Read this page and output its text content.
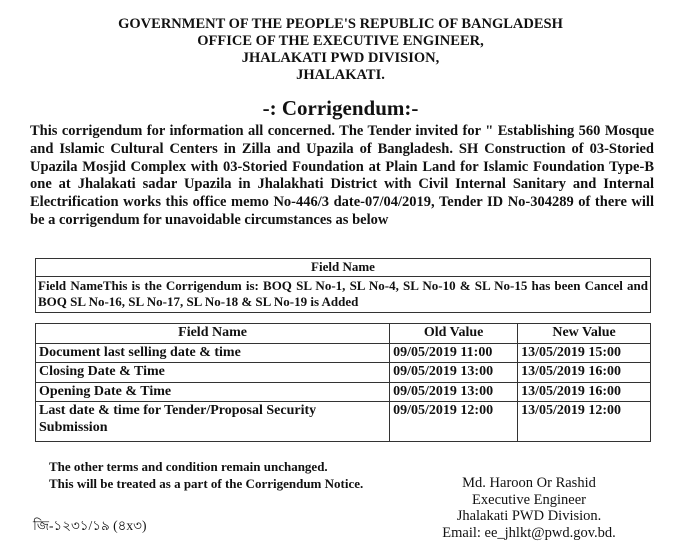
GOVERNMENT OF THE PEOPLE'S REPUBLIC OF BANGLADESH
OFFICE OF THE EXECUTIVE ENGINEER,
JHALAKATI PWD DIVISION,
JHALAKATI.
-: Corrigendum:-
This corrigendum for information all concerned. The Tender invited for " Establishing 560 Mosque and Islamic Cultural Centers in Zilla and Upazila of Bangladesh. SH Construction of 03-Storied Upazila Mosjid Complex with 03-Storied Foundation at Plain Land for Islamic Foundation Type-B one at Jhalakati sadar Upazila in Jhalakhati District with Civil Internal Sanitary and Internal Electrification works this office memo No-446/3 date-07/04/2019, Tender ID No-304289 of there will be a corrigendum for unavoidable circumstances as below
Field Name
Field NameThis is the Corrigendum is: BOQ SL No-1, SL No-4, SL No-10 & SL No-15 has been Cancel and BOQ SL No-16, SL No-17, SL No-18 & SL No-19 is Added
Field Name	Old Value	New Value
Document last selling date & time	09/05/2019 11:00	13/05/2019 15:00
Closing Date & Time	09/05/2019 13:00	13/05/2019 16:00
Opening Date & Time	09/05/2019 13:00	13/05/2019 16:00
Last date & time for Tender/Proposal Security Submission	09/05/2019 12:00	13/05/2019 12:00
The other terms and condition remain unchanged.
This will be treated as a part of the Corrigendum Notice.	Md. Haroon Or Rashid
Executive Engineer
Jhalakati PWD Division.
Email: ee_jhlkt@pwd.gov.bd.
জি-১২৩১/১৯ (৪x৩)
